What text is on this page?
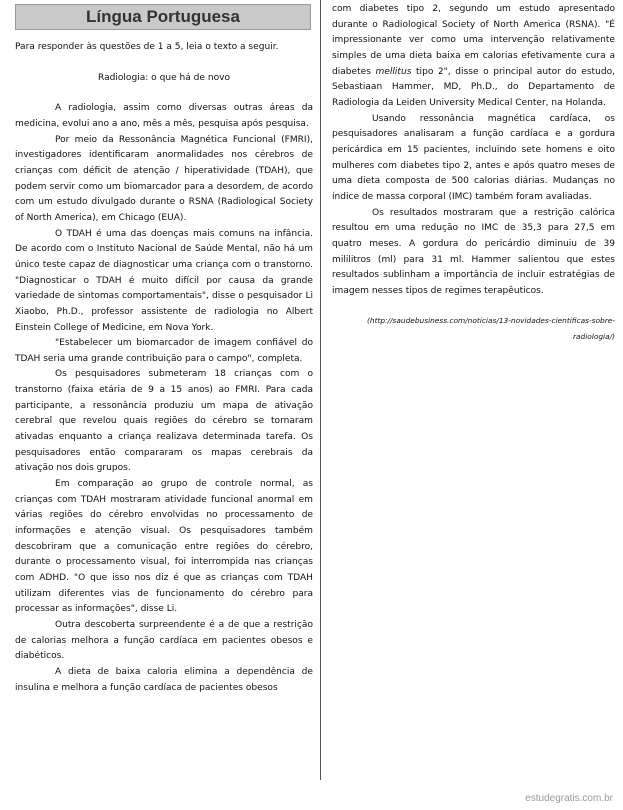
Língua Portuguesa

Para responder às questões de 1 a 5, leia o texto a seguir.

Radiologia: o que há de novo

A radiologia, assim como diversas outras áreas da medicina, evolui ano a ano, mês a mês, pesquisa após pesquisa.

Por meio da Ressonância Magnética Funcional (FMRI), investigadores identificaram anormalidades nos cérebros de crianças com déficit de atenção / hiperatividade (TDAH), que podem servir como um biomarcador para a desordem, de acordo com um estudo divulgado durante o RSNA (Radiological Society of North America), em Chicago (EUA).

O TDAH é uma das doenças mais comuns na infância. De acordo com o Instituto Nacional de Saúde Mental, não há um único teste capaz de diagnosticar uma criança com o transtorno. "Diagnosticar o TDAH é muito difícil por causa da grande variedade de sintomas comportamentais", disse o pesquisador Li Xiaobo, Ph.D., professor assistente de radiologia no Albert Einstein College of Medicine, em Nova York.

"Estabelecer um biomarcador de imagem confiável do TDAH seria uma grande contribuição para o campo", completa.

Os pesquisadores submeteram 18 crianças com o transtorno (faixa etária de 9 a 15 anos) ao FMRI. Para cada participante, a ressonância produziu um mapa de ativação cerebral que revelou quais regiões do cérebro se tornaram ativadas enquanto a criança realizava determinada tarefa. Os pesquisadores então compararam os mapas cerebrais da ativação nos dois grupos.

Em comparação ao grupo de controle normal, as crianças com TDAH mostraram atividade funcional anormal em várias regiões do cérebro envolvidas no processamento de informações e atenção visual. Os pesquisadores também descobriram que a comunicação entre regiões do cérebro, durante o processamento visual, foi interrompida nas crianças com ADHD. "O que isso nos diz é que as crianças com TDAH utilizam diferentes vias de funcionamento do cérebro para processar as informações", disse Li.

Outra descoberta surpreendente é a de que a restrição de calorias melhora a função cardíaca em pacientes obesos e diabéticos.

A dieta de baixa caloria elimina a dependência de insulina e melhora a função cardíaca de pacientes obesos

com diabetes tipo 2, segundo um estudo apresentado durante o Radiological Society of North America (RSNA). "É impressionante ver como uma intervenção relativamente simples de uma dieta baixa em calorias efetivamente cura a diabetes mellitus tipo 2", disse o principal autor do estudo, Sebastiaan Hammer, MD, Ph.D., do Departamento de Radiologia da Leiden University Medical Center, na Holanda.

Usando ressonância magnética cardíaca, os pesquisadores analisaram a função cardíaca e a gordura pericárdica em 15 pacientes, incluindo sete homens e oito mulheres com diabetes tipo 2, antes e após quatro meses de uma dieta composta de 500 calorias diárias. Mudanças no índice de massa corporal (IMC) também foram avaliadas.

Os resultados mostraram que a restrição calórica resultou em uma redução no IMC de 35,3 para 27,5 em quatro meses. A gordura do pericárdio diminuiu de 39 mililitros (ml) para 31 ml. Hammer salientou que estes resultados sublinham a importância de incluir estratégias de imagem nesses tipos de regimes terapêuticos.

(http://saudebusiness.com/noticias/13-novidades-cientificas-sobre-radiologia/)

estudegratis.com.br
